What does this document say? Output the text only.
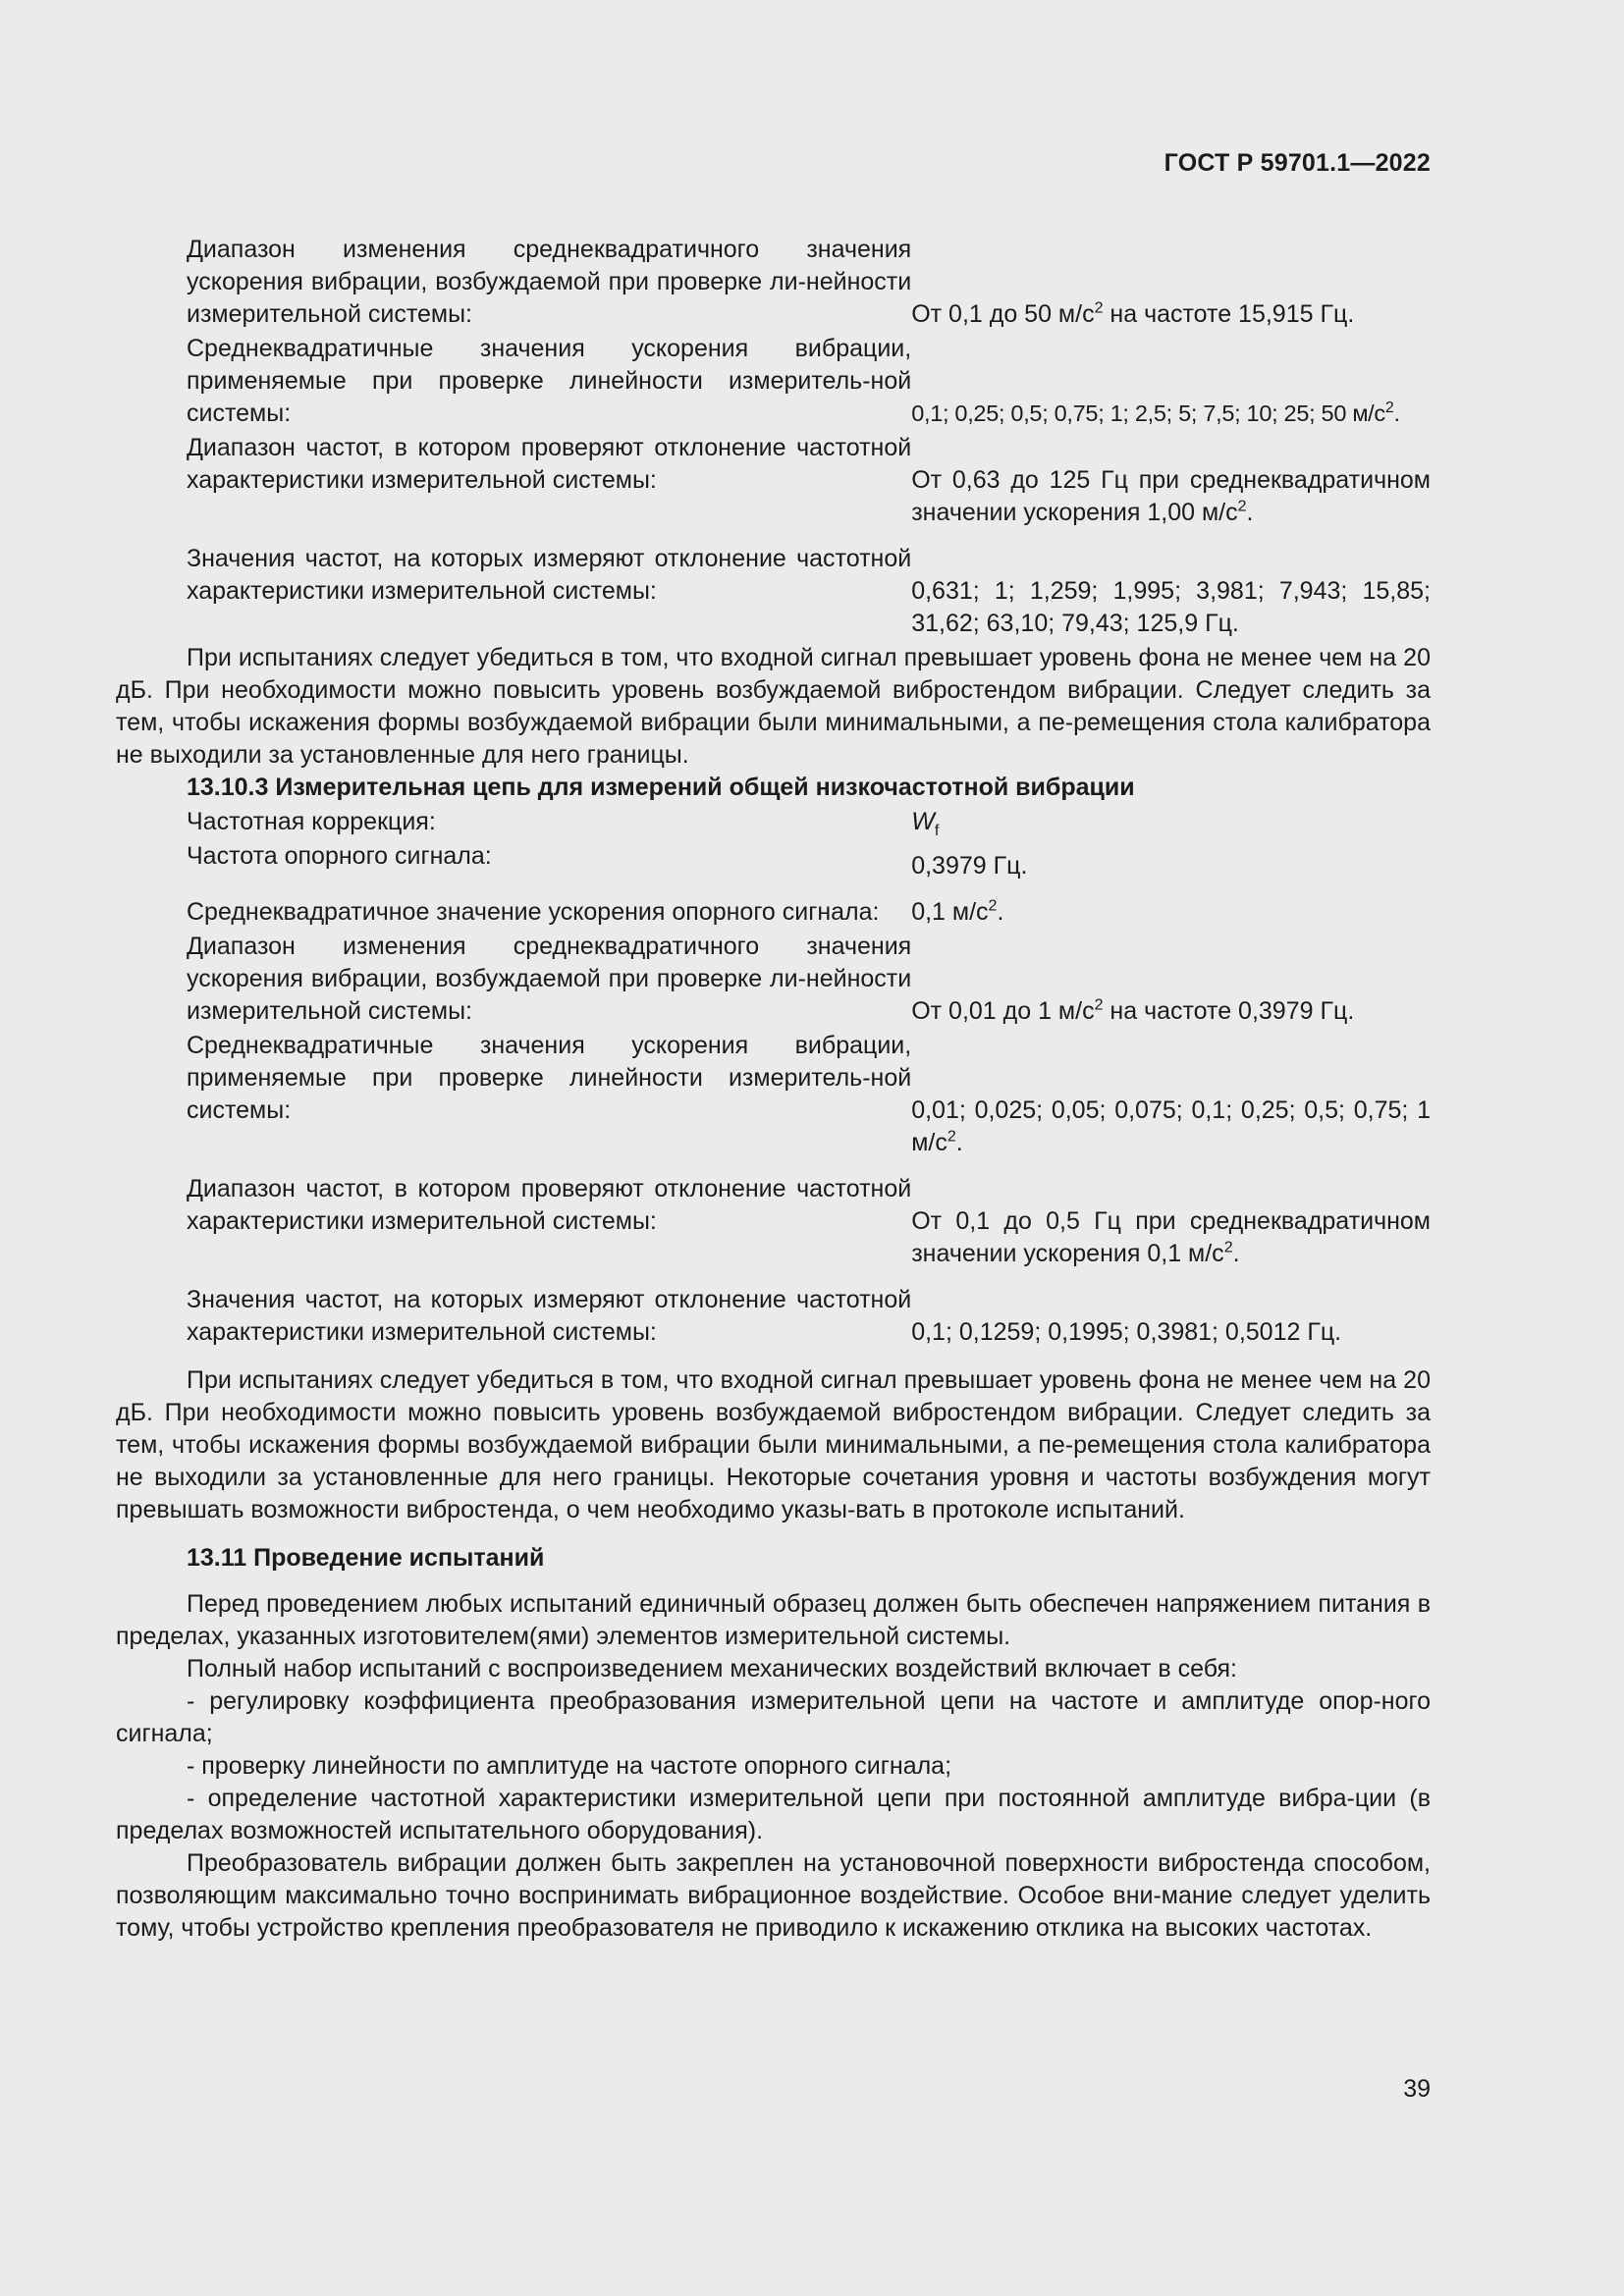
ГОСТ Р 59701.1—2022
Диапазон изменения среднеквадратичного значения ускорения вибрации, возбуждаемой при проверке ли-нейности измерительной системы:	От 0,1 до 50 $м/с^2$ на частоте 15,915 Гц.
Среднеквадратичные значения ускорения вибрации, применяемые при проверке линейности измеритель-ной системы:	0,1; 0,25; 0,5; 0,75; 1; 2,5; 5; 7,5; 10; 25; 50 $м/с^2$.
Диапазон частот, в котором проверяют отклонение частотной характеристики измерительной системы:	От 0,63 до 125 Гц при среднеквадратичном значении ускорения 1,00 $м/с^2$.
Значения частот, на которых измеряют отклонение частотной характеристики измерительной системы:	0,631; 1; 1,259; 1,995; 3,981; 7,943; 15,85; 31,62; 63,10; 79,43; 125,9 Гц.

При испытаниях следует убедиться в том, что входной сигнал превышает уровень фона не менее чем на 20 дБ. При необходимости можно повысить уровень возбуждаемой вибростендом вибрации. Следует следить за тем, чтобы искажения формы возбуждаемой вибрации были минимальными, а пе-ремещения стола калибратора не выходили за установленные для него границы.

13.10.3 Измерительная цепь для измерений общей низкочастотной вибрации

Частотная коррекция:	$W_f$
Частота опорного сигнала:	0,3979 Гц.
Среднеквадратичное значение ускорения опорного сигнала:	0,1 $м/с^2$.
Диапазон изменения среднеквадратичного значения ускорения вибрации, возбуждаемой при проверке ли-нейности измерительной системы:	От 0,01 до 1 $м/с^2$ на частоте 0,3979 Гц.
Среднеквадратичные значения ускорения вибрации, применяемые при проверке линейности измеритель-ной системы:	0,01; 0,025; 0,05; 0,075; 0,1; 0,25; 0,5; 0,75; 1 $м/с^2$.
Диапазон частот, в котором проверяют отклонение частотной характеристики измерительной системы:	От 0,1 до 0,5 Гц при среднеквадратичном значении ускорения 0,1 $м/с^2$.
Значения частот, на которых измеряют отклонение частотной характеристики измерительной системы:	0,1; 0,1259; 0,1995; 0,3981; 0,5012 Гц.

При испытаниях следует убедиться в том, что входной сигнал превышает уровень фона не менее чем на 20 дБ. При необходимости можно повысить уровень возбуждаемой вибростендом вибрации. Следует следить за тем, чтобы искажения формы возбуждаемой вибрации были минимальными, а пе-ремещения стола калибратора не выходили за установленные для него границы. Некоторые сочетания уровня и частоты возбуждения могут превышать возможности вибростенда, о чем необходимо указы-вать в протоколе испытаний.

13.11 Проведение испытаний

Перед проведением любых испытаний единичный образец должен быть обеспечен напряжением питания в пределах, указанных изготовителем(ями) элементов измерительной системы.

Полный набор испытаний с воспроизведением механических воздействий включает в себя:

- регулировку коэффициента преобразования измерительной цепи на частоте и амплитуде опор-ного сигнала;

- проверку линейности по амплитуде на частоте опорного сигнала;

- определение частотной характеристики измерительной цепи при постоянной амплитуде вибра-ции (в пределах возможностей испытательного оборудования).

Преобразователь вибрации должен быть закреплен на установочной поверхности вибростенда способом, позволяющим максимально точно воспринимать вибрационное воздействие. Особое вни-мание следует уделить тому, чтобы устройство крепления преобразователя не приводило к искажению отклика на высоких частотах.

39
